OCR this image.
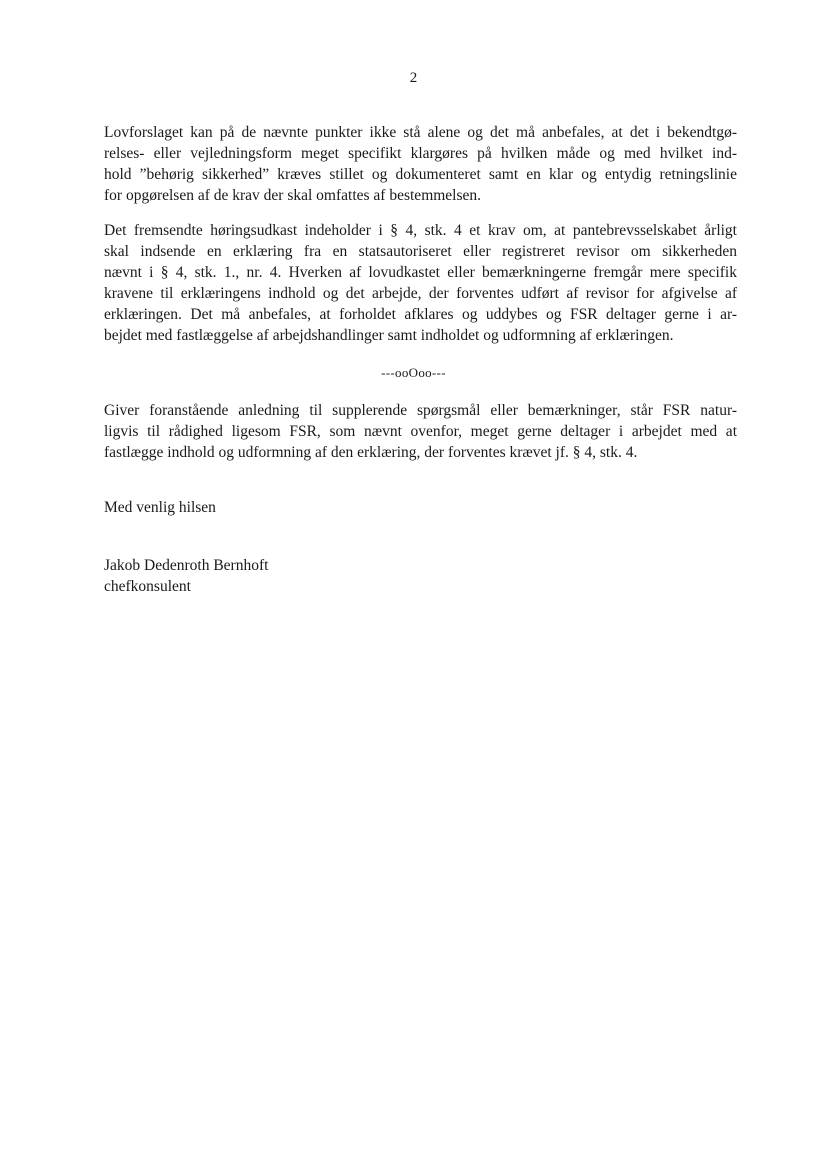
2

Lovforslaget kan på de nævnte punkter ikke stå alene og det må anbefales, at det i bekendtgø-
relses- eller vejledningsform meget specifikt klargøres på hvilken måde og med hvilket ind-
hold ”behørig sikkerhed” kræves stillet og dokumenteret samt en klar og entydig retningslinie
for opgørelsen af de krav der skal omfattes af bestemmelsen.

Det fremsendte høringsudkast indeholder i § 4, stk. 4 et krav om, at pantebrevsselskabet årligt
skal indsende en erklæring fra en statsautoriseret eller registreret revisor om sikkerheden
nævnt i § 4, stk. 1., nr. 4. Hverken af lovudkastet eller bemærkningerne fremgår mere specifik
kravene til erklæringens indhold og det arbejde, der forventes udført af revisor for afgivelse af
erklæringen. Det må anbefales, at forholdet afklares og uddybes og FSR deltager gerne i ar-
bejdet med fastlæggelse af arbejdshandlinger samt indholdet og udformning af erklæringen.

---ooOoo---

Giver foranstående anledning til supplerende spørgsmål eller bemærkninger, står FSR natur-
ligvis til rådighed ligesom FSR, som nævnt ovenfor, meget gerne deltager i arbejdet med at
fastlægge indhold og udformning af den erklæring, der forventes krævet jf. § 4, stk. 4.

Med venlig hilsen
Jakob Dedenroth Bernhoft
chefkonsulent
